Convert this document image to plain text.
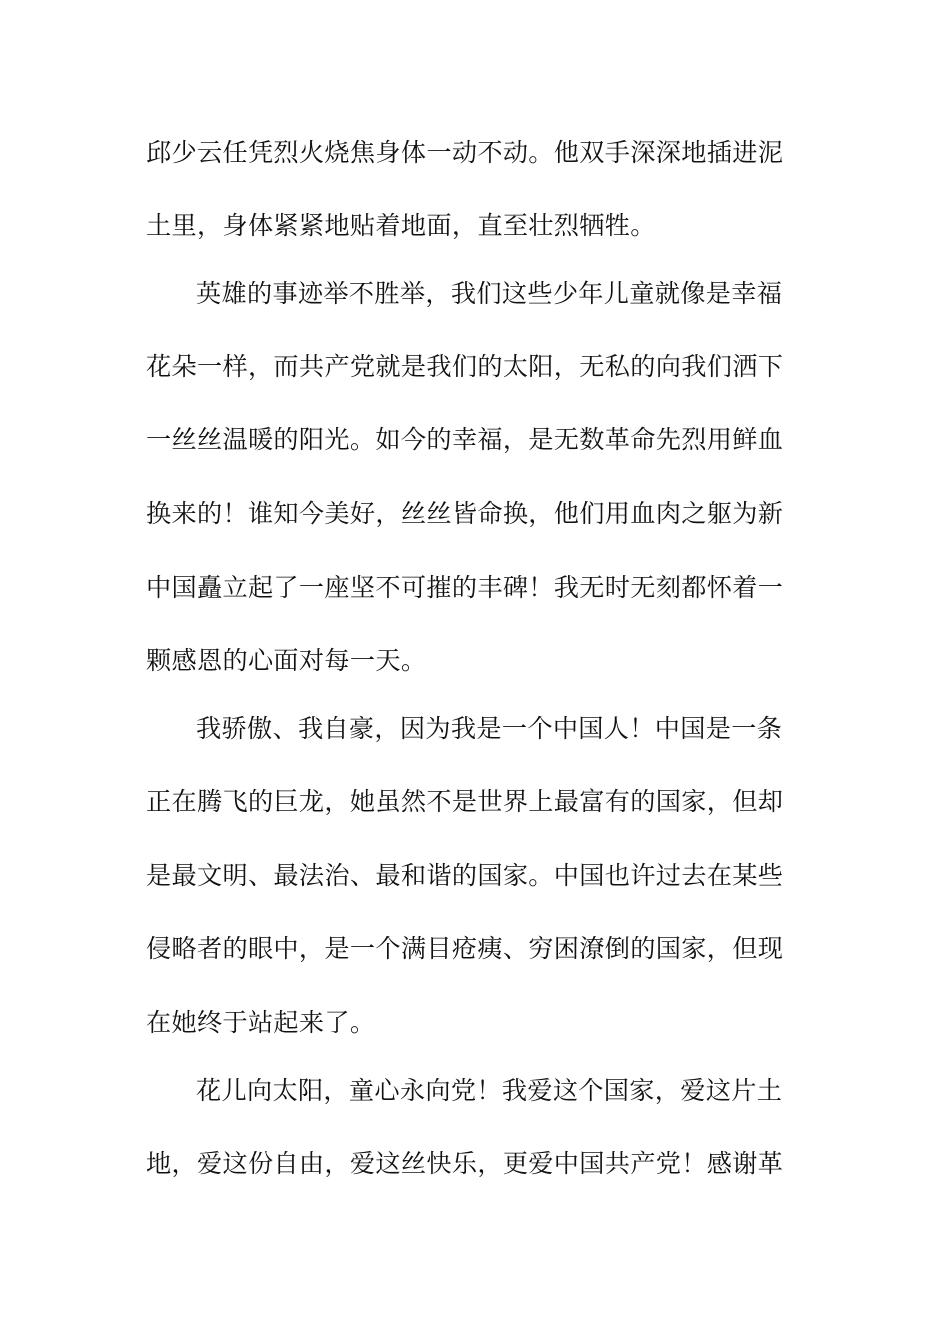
邱少云任凭烈火烧焦身体一动不动。他双手深深地插进泥
土里，身体紧紧地贴着地面，直至壮烈牺牲。
英雄的事迹举不胜举，我们这些少年儿童就像是幸福
花朵一样，而共产党就是我们的太阳，无私的向我们洒下
一丝丝温暖的阳光。如今的幸福，是无数革命先烈用鲜血
换来的！谁知今美好，丝丝皆命换，他们用血肉之躯为新
中国矗立起了一座坚不可摧的丰碑！我无时无刻都怀着一
颗感恩的心面对每一天。
我骄傲、我自豪，因为我是一个中国人！中国是一条
正在腾飞的巨龙，她虽然不是世界上最富有的国家，但却
是最文明、最法治、最和谐的国家。中国也许过去在某些
侵略者的眼中，是一个满目疮痍、穷困潦倒的国家，但现
在她终于站起来了。
花儿向太阳，童心永向党！我爱这个国家，爱这片土
地，爱这份自由，爱这丝快乐，更爱中国共产党！感谢革
